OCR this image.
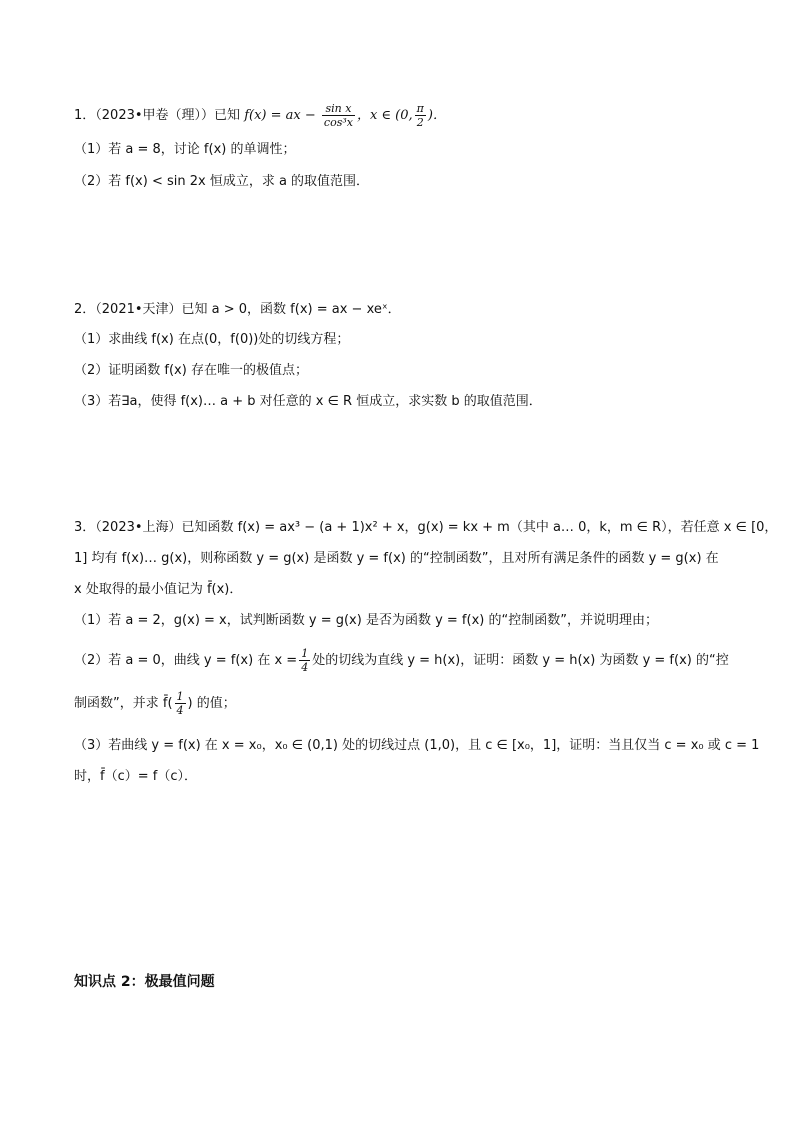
1．（2023•甲卷（理））已知 f(x) = ax − $\frac{\text{sin x}}{\text{cos³x}}$ ，x ∈ (0, $\frac{\pi}{2}$ )．
（1）若 a = 8，讨论 f(x) 的单调性；
（2）若 f(x) < sin 2x 恒成立，求 a 的取值范围．
2．（2021•天津）已知 a > 0，函数 f(x) = ax − xeˣ．
（1）求曲线 f(x) 在点(0，f(0))处的切线方程；
（2）证明函数 f(x) 存在唯一的极值点；
（3）若∃a，使得 f(x)… a + b 对任意的 x ∈ R 恒成立，求实数 b 的取值范围．
3．（2023•上海）已知函数 f(x) = ax³ − (a + 1)x² + x，g(x) = kx + m（其中 a… 0，k，m ∈ R），若任意 x ∈ [0，
1] 均有 f(x)… g(x)，则称函数 y = g(x) 是函数 y = f(x) 的“控制函数”，且对所有满足条件的函数 y = g(x) 在
x 处取得的最小值记为 f̄(x)．
（1）若 a = 2，g(x) = x，试判断函数 y = g(x) 是否为函数 y = f(x) 的“控制函数”，并说明理由；
（2）若 a = 0，曲线 y = f(x) 在 $x = \frac{1}{4}$ 处的切线为直线 y = h(x)，证明：函数 y = h(x) 为函数 y = f(x) 的“控
制函数”，并求 f̄( $\frac{1}{4}$ ) 的值；
（3）若曲线 y = f(x) 在 x = x₀，x₀ ∈ (0,1) 处的切线过点 (1,0)，且 c ∈ [x₀，1]，证明：当且仅当 c = x₀ 或 c = 1
时，f̄（c）= f（c）．
知识点 2：极最值问题
